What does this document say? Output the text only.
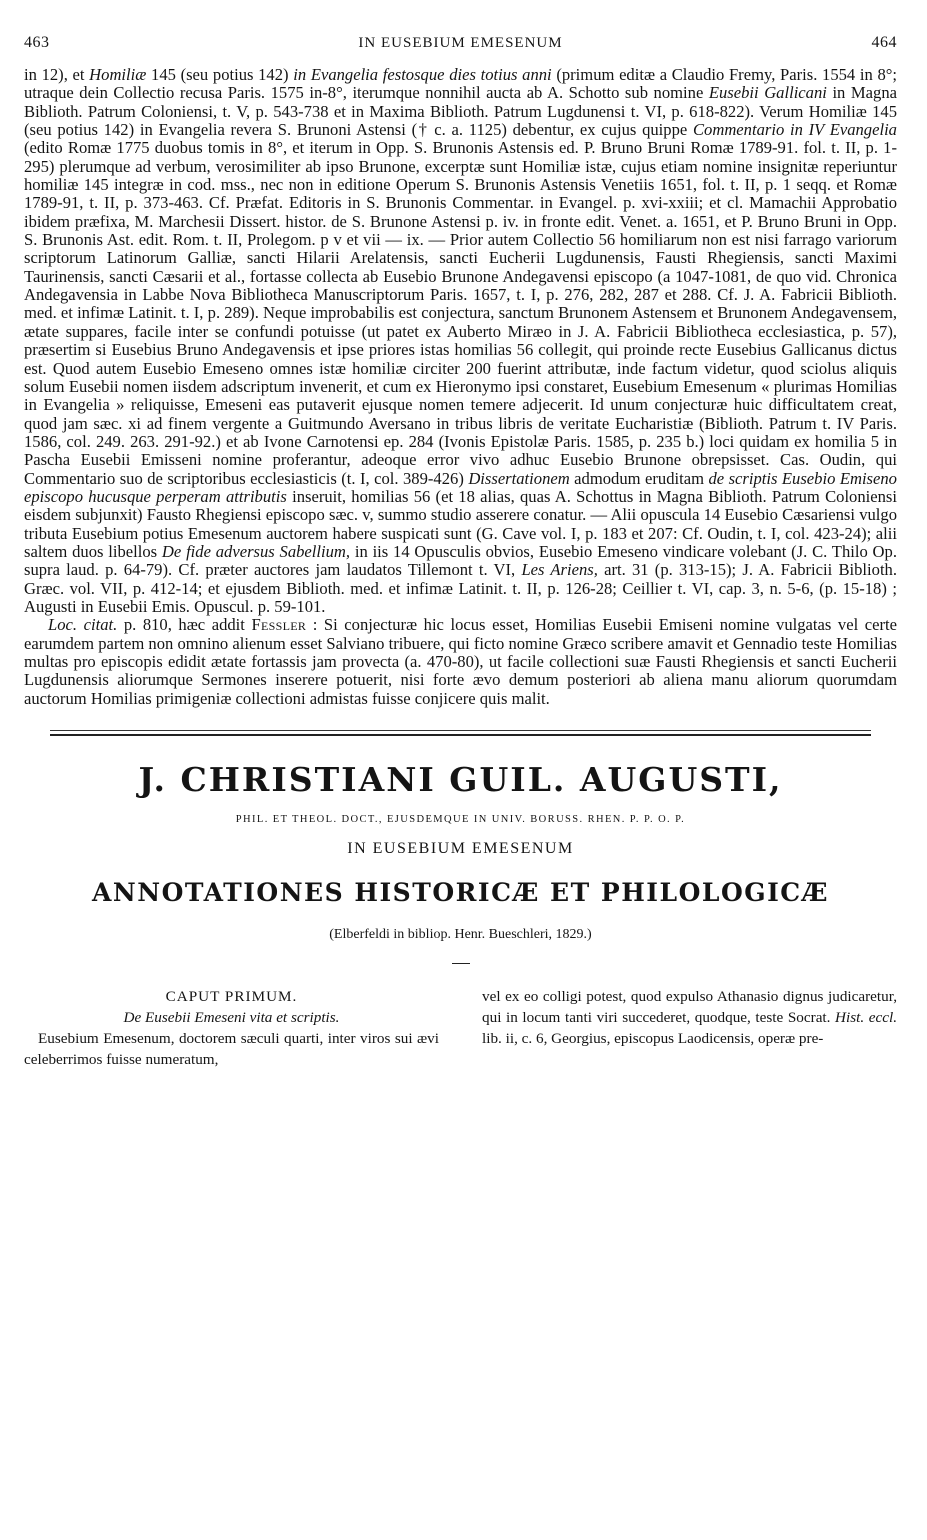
463	IN EUSEBIUM EMESENUM	464

in 12), et Homiliæ 145 (seu potius 142) in Evangelia festosque dies totius anni (primum editæ a Claudio Fremy, Paris. 1554 in 8°; utraque dein Collectio recusa Paris. 1575 in-8°, iterumque nonnihil aucta ab A. Schotto sub nomine Eusebii Gallicani in Magna Biblioth. Patrum Coloniensi, t. V, p. 543-738 et in Maxima Biblioth. Patrum Lugdunensi t. VI, p. 618-822). Verum Homiliæ 145 (seu potius 142) in Evangelia revera S. Brunoni Astensi († c. a. 1125) debentur, ex cujus quippe Commentario in IV Evangelia (edito Romæ 1775 duobus tomis in 8°, et iterum in Opp. S. Brunonis Astensis ed. P. Bruno Bruni Romæ 1789-91. fol. t. II, p. 1-295) plerumque ad verbum, verosimiliter ab ipso Brunone, excerptæ sunt Homiliæ istæ, cujus etiam nomine insignitæ reperiuntur homiliæ 145 integræ in cod. mss., nec non in editione Operum S. Brunonis Astensis Venetiis 1651, fol. t. II, p. 1 seqq. et Romæ 1789-91, t. II, p. 373-463. Cf. Præfat. Editoris in S. Brunonis Commentar. in Evangel. p. xvi-xxiii; et cl. Mamachii Approbatio ibidem præfixa, M. Marchesii Dissert. histor. de S. Brunone Astensi p. iv. in fronte edit. Venet. a. 1651, et P. Bruno Bruni in Opp. S. Brunonis Ast. edit. Rom. t. II, Prolegom. p v et vii — ix. — Prior autem Collectio 56 homiliarum non est nisi farrago variorum scriptorum Latinorum Galliæ, sancti Hilarii Arelatensis, sancti Eucherii Lugdunensis, Fausti Rhegiensis, sancti Maximi Taurinensis, sancti Cæsarii et al., fortasse collecta ab Eusebio Brunone Andegavensi episcopo (a 1047-1081, de quo vid. Chronica Andegavensia in Labbe Nova Bibliotheca Manuscriptorum Paris. 1657, t. I, p. 276, 282, 287 et 288. Cf. J. A. Fabricii Biblioth. med. et infimæ Latinit. t. I, p. 289). Neque improbabilis est conjectura, sanctum Brunonem Astensem et Brunonem Andegavensem, ætate suppares, facile inter se confundi potuisse (ut patet ex Auberto Miræo in J. A. Fabricii Bibliotheca ecclesiastica, p. 57), præsertim si Eusebius Bruno Andegavensis et ipse priores istas homilias 56 collegit, qui proinde recte Eusebius Gallicanus dictus est. Quod autem Eusebio Emeseno omnes istæ homiliæ circiter 200 fuerint attributæ, inde factum videtur, quod sciolus aliquis solum Eusebii nomen iisdem adscriptum invenerit, et cum ex Hieronymo ipsi constaret, Eusebium Emesenum « plurimas Homilias in Evangelia » reliquisse, Emeseni eas putaverit ejusque nomen temere adjecerit. Id unum conjecturæ huic difficultatem creat, quod jam sæc. xi ad finem vergente a Guitmundo Aversano in tribus libris de veritate Eucharistiæ (Biblioth. Patrum t. IV Paris. 1586, col. 249. 263. 291-92.) et ab Ivone Carnotensi ep. 284 (Ivonis Epistolæ Paris. 1585, p. 235 b.) loci quidam ex homilia 5 in Pascha Eusebii Emisseni nomine proferantur, adeoque error vivo adhuc Eusebio Brunone obrepsisset. Cas. Oudin, qui Commentario suo de scriptoribus ecclesiasticis (t. I, col. 389-426) Dissertationem admodum eruditam de scriptis Eusebio Emiseno episcopo hucusque perperam attributis inseruit, homilias 56 (et 18 alias, quas A. Schottus in Magna Biblioth. Patrum Coloniensi eisdem subjunxit) Fausto Rhegiensi episcopo sæc. v, summo studio asserere conatur. — Alii opuscula 14 Eusebio Cæsariensi vulgo tributa Eusebium potius Emesenum auctorem habere suspicati sunt (G. Cave vol. I, p. 183 et 207: Cf. Oudin, t. I, col. 423-24); alii saltem duos libellos De fide adversus Sabellium, in iis 14 Opusculis obvios, Eusebio Emeseno vindicare volebant (J. C. Thilo Op. supra laud. p. 64-79). Cf. præter auctores jam laudatos Tillemont t. VI, Les Ariens, art. 31 (p. 313-15); J. A. Fabricii Biblioth. Græc. vol. VII, p. 412-14; et ejusdem Biblioth. med. et infimæ Latinit. t. II, p. 126-28; Ceillier t. VI, cap. 3, n. 5-6, (p. 15-18) ; Augusti in Eusebii Emis. Opuscul. p. 59-101.

Loc. citat. p. 810, hæc addit Fessler : Si conjecturæ hic locus esset, Homilias Eusebii Emiseni nomine vulgatas vel certe earumdem partem non omnino alienum esset Salviano tribuere, qui ficto nomine Græco scribere amavit et Gennadio teste Homilias multas pro episcopis edidit ætate fortassis jam provecta (a. 470-80), ut facile collectioni suæ Fausti Rhegiensis et sancti Eucherii Lugdunensis aliorumque Sermones inserere potuerit, nisi forte ævo demum posteriori ab aliena manu aliorum quorumdam auctorum Homilias primigeniæ collectioni admistas fuisse conjicere quis malit.

J. CHRISTIANI GUIL. AUGUSTI,
PHIL. ET THEOL. DOCT., EJUSDEMQUE IN UNIV. BORUSS. RHEN. P. P. O. P.
IN EUSEBIUM EMESENUM
ANNOTATIONES HISTORICÆ ET PHILOLOGICÆ
(Elberfeldi in bibliop. Henr. Bueschleri, 1829.)

CAPUT PRIMUM.

De Eusebii Emeseni vita et scriptis.

Eusebium Emesenum, doctorem sæculi quarti, inter viros sui ævi celeberrimos fuisse numeratum,

vel ex eo colligi potest, quod expulso Athanasio dignus judicaretur, qui in locum tanti viri succederet, quodque, teste Socrat. Hist. eccl. lib. ii, c. 6, Georgius, episcopus Laodicensis, operæ pre-
